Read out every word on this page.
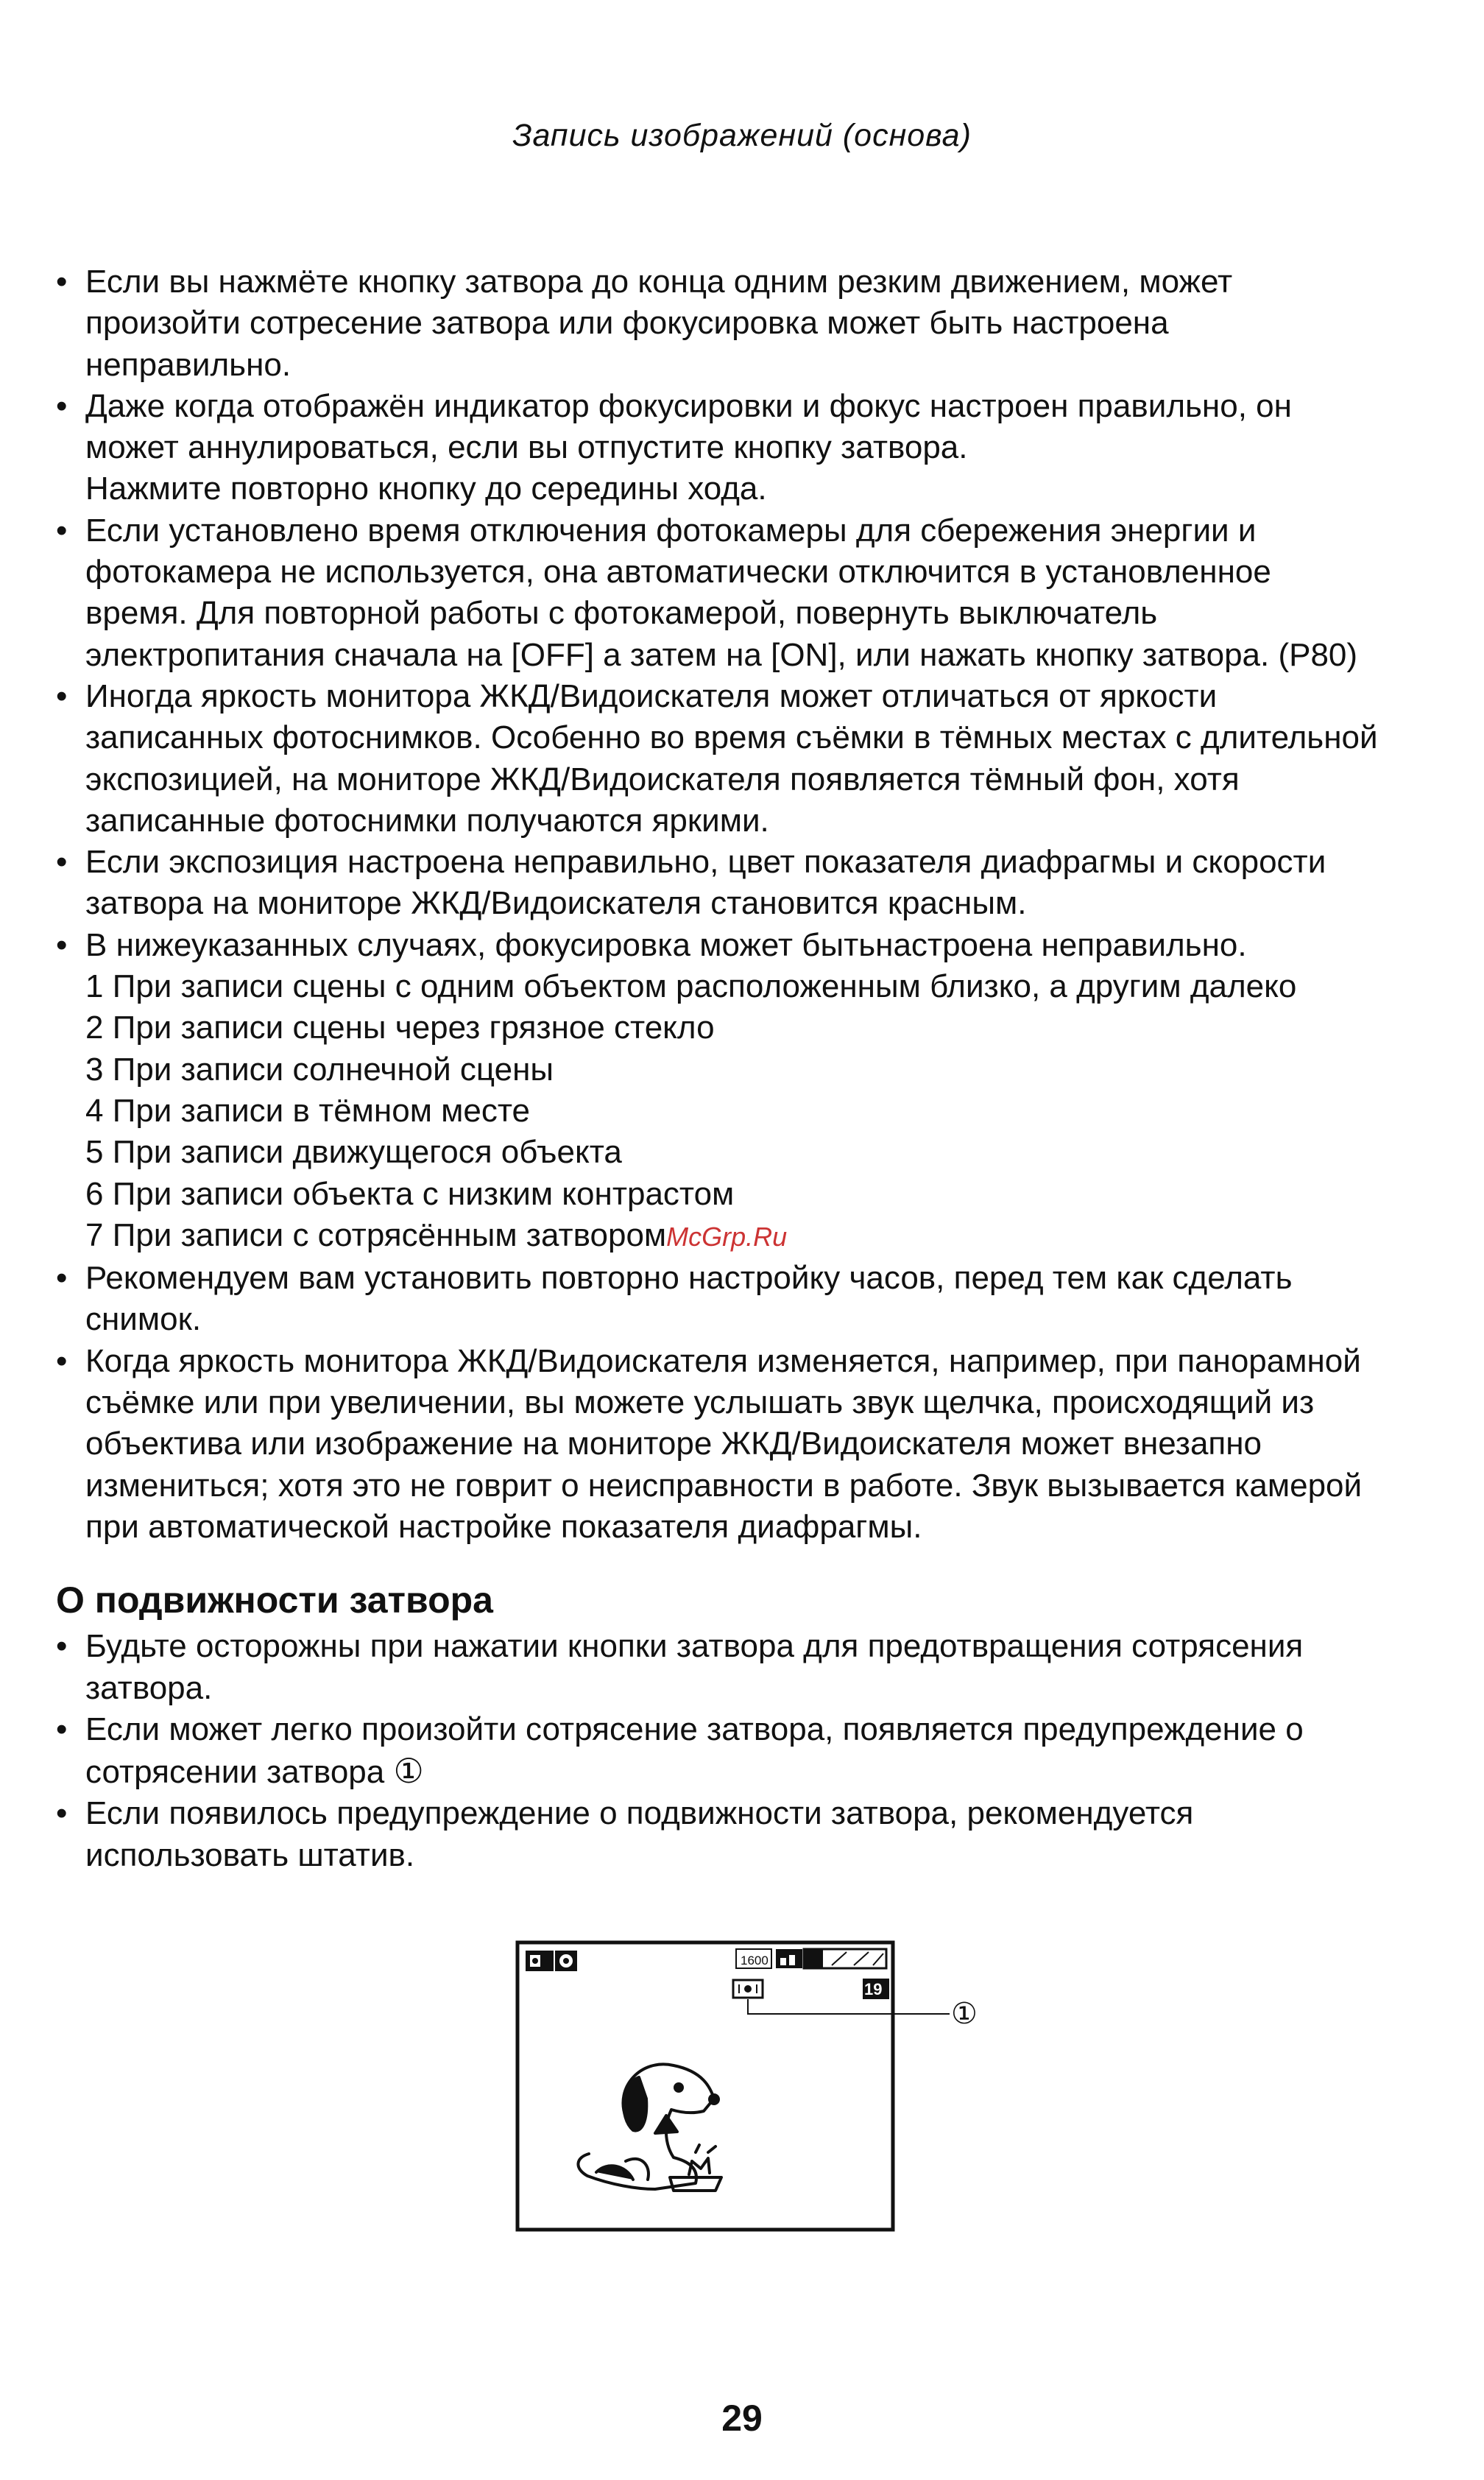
Запись изображений (основа)
• Если вы нажмёте кнопку затвора до конца одним резким движением, может
произойти сотресение затвора или фокусировка может быть настроена
неправильно.
• Даже когда отображён индикатор фокусировки и фокус настроен правильно, он
может аннулироваться, если вы отпустите кнопку затвора.
Нажмите повторно кнопку до середины хода.
• Если установлено время отключения фотокамеры для сбережения энергии и
фотокамера не используется, она автоматически отключится в установленное
время. Для повторной работы с фотокамерой, повернуть выключатель
электропитания сначала на [OFF] а затем на [ON], или нажать кнопку затвора. (P80)
• Иногда яркость монитора ЖКД/Видоискателя может отличаться от яркости
записанных фотоснимков. Особенно во время съёмки в тёмных местах с длительной
экспозицией, на мониторе ЖКД/Видоискателя появляется тёмный фон, хотя
записанные фотоснимки получаются яркими.
• Если экспозиция настроена неправильно, цвет показателя диафрагмы и скорости
затвора на мониторе ЖКД/Видоискателя становится красным.
• В нижеуказанных случаях, фокусировка может бытьнастроена неправильно.
1 При записи сцены с одним объектом расположенным близко, а другим далеко
2 При записи сцены через грязное стекло
3 При записи солнечной сцены
4 При записи в тёмном месте
5 При записи движущегося объекта
6 При записи объекта с низким контрастом
7 При записи с сотрясённым затворомMcGrp.Ru
• Рекомендуем вам установить повторно настройку часов, перед тем как сделать
снимок.
• Когда яркость монитора ЖКД/Видоискателя изменяется, например, при панорамной
съёмке или при увеличении, вы можете услышать звук щелчка, происходящий из
объектива или изображение на мониторе ЖКД/Видоискателя может внезапно
измениться; хотя это не говрит о неисправности в работе. Звук вызывается камерой
при автоматической настройке показателя диафрагмы.
О подвижности затвора
• Будьте осторожны при нажатии кнопки затвора для предотвращения сотрясения
затвора.
• Если может легко произойти сотрясение затвора, появляется предупреждение о
сотрясении затвора ①
• Если появилось предупреждение о подвижности затвора, рекомендуется
использовать штатив.
1600
19
①
29
